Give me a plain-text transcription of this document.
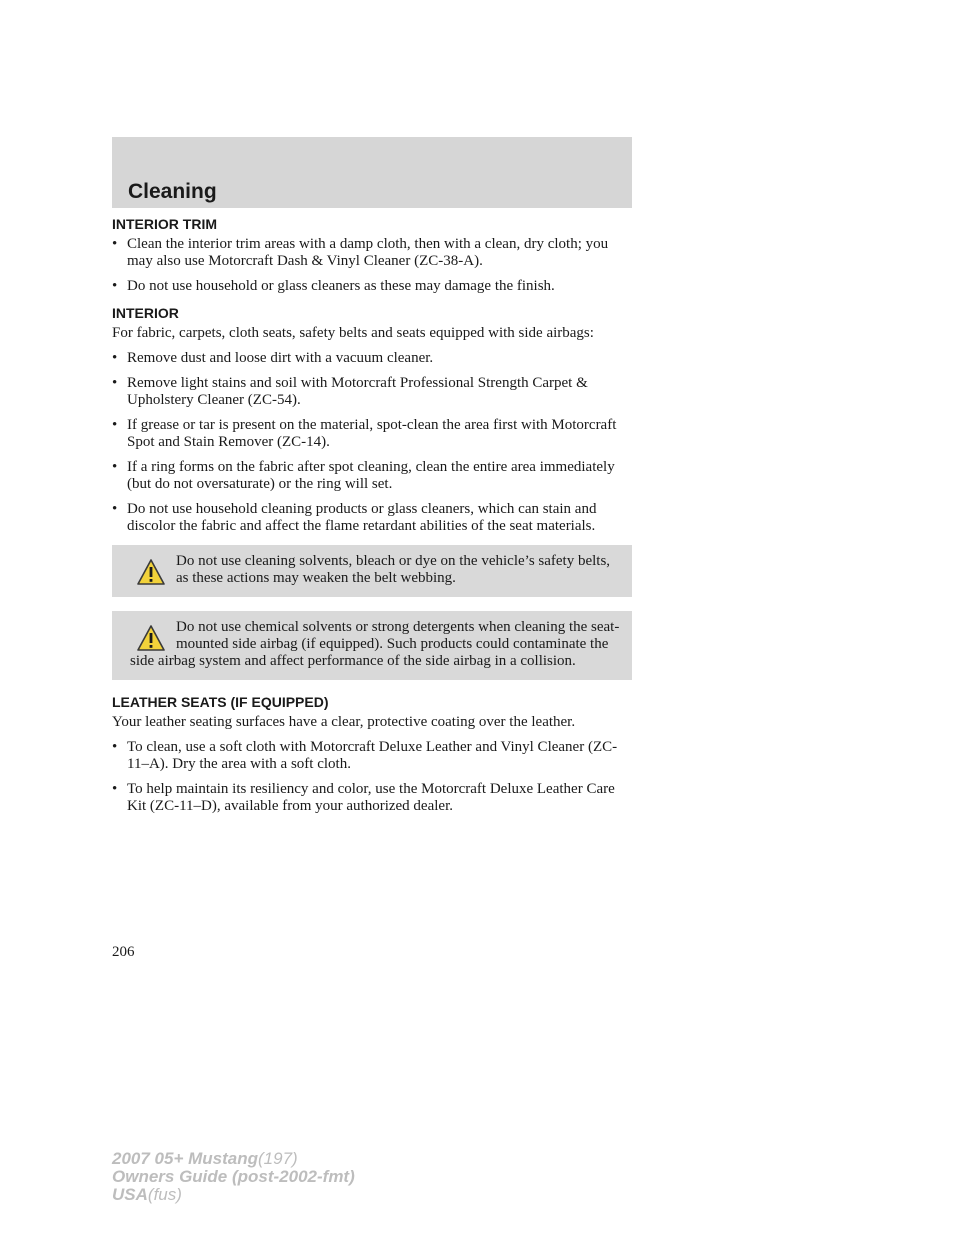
Cleaning
INTERIOR TRIM
• Clean the interior trim areas with a damp cloth, then with a clean, dry cloth; you may also use Motorcraft Dash & Vinyl Cleaner (ZC-38-A).
• Do not use household or glass cleaners as these may damage the finish.
INTERIOR

For fabric, carpets, cloth seats, safety belts and seats equipped with side airbags:

• Remove dust and loose dirt with a vacuum cleaner.
• Remove light stains and soil with Motorcraft Professional Strength Carpet & Upholstery Cleaner (ZC-54).
• If grease or tar is present on the material, spot-clean the area first with Motorcraft Spot and Stain Remover (ZC-14).
• If a ring forms on the fabric after spot cleaning, clean the entire area immediately (but do not oversaturate) or the ring will set.
• Do not use household cleaning products or glass cleaners, which can stain and discolor the fabric and affect the flame retardant abilities of the seat materials.
Do not use cleaning solvents, bleach or dye on the vehicle’s safety belts, as these actions may weaken the belt webbing.
Do not use chemical solvents or strong detergents when cleaning the seat-mounted side airbag (if equipped). Such products could contaminate the side airbag system and affect performance of the side airbag in a collision.
LEATHER SEATS (IF EQUIPPED)

Your leather seating surfaces have a clear, protective coating over the leather.

• To clean, use a soft cloth with Motorcraft Deluxe Leather and Vinyl Cleaner (ZC-11–A). Dry the area with a soft cloth.
• To help maintain its resiliency and color, use the Motorcraft Deluxe Leather Care Kit (ZC-11–D), available from your authorized dealer.
206
2007 05+ Mustang(197)
Owners Guide (post-2002-fmt)
USA(fus)
